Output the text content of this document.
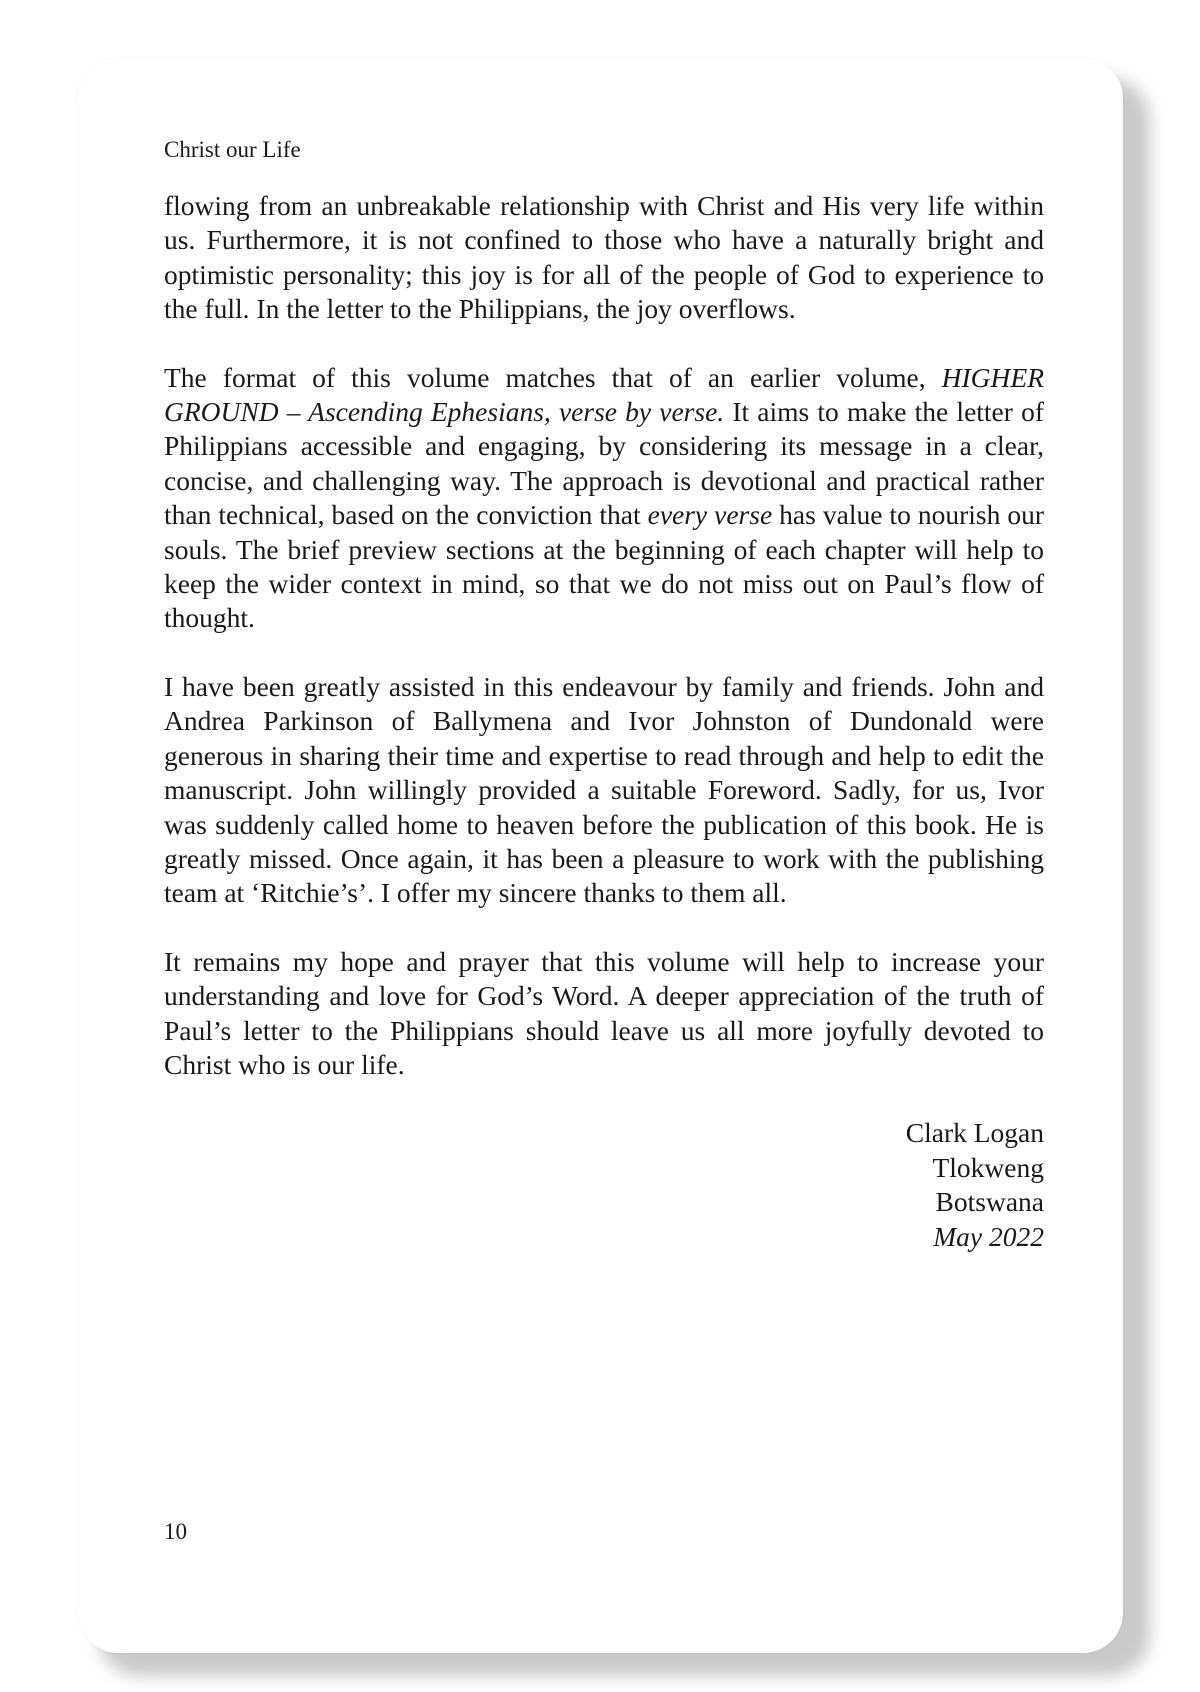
Christ our Life

flowing from an unbreakable relationship with Christ and His very life within us. Furthermore, it is not confined to those who have a naturally bright and optimistic personality; this joy is for all of the people of God to experience to the full. In the letter to the Philippians, the joy overflows.

The format of this volume matches that of an earlier volume, HIGHER GROUND – Ascending Ephesians, verse by verse. It aims to make the letter of Philippians accessible and engaging, by considering its message in a clear, concise, and challenging way. The approach is devotional and practical rather than technical, based on the conviction that every verse has value to nourish our souls. The brief preview sections at the beginning of each chapter will help to keep the wider context in mind, so that we do not miss out on Paul’s flow of thought.

I have been greatly assisted in this endeavour by family and friends. John and Andrea Parkinson of Ballymena and Ivor Johnston of Dundonald were generous in sharing their time and expertise to read through and help to edit the manuscript. John willingly provided a suitable Foreword. Sadly, for us, Ivor was suddenly called home to heaven before the publication of this book. He is greatly missed. Once again, it has been a pleasure to work with the publishing team at ‘Ritchie’s’. I offer my sincere thanks to them all.

It remains my hope and prayer that this volume will help to increase your understanding and love for God’s Word. A deeper appreciation of the truth of Paul’s letter to the Philippians should leave us all more joyfully devoted to Christ who is our life.

Clark Logan
Tlokweng
Botswana
May 2022
10
